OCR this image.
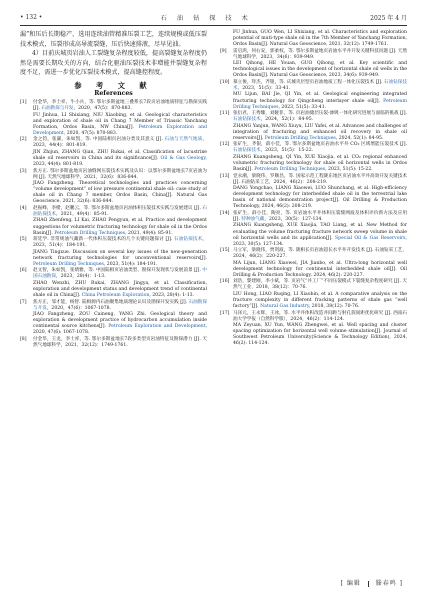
• 132 •	石 油 钻 探 技 术	2025 年 4 月

漏”和压后长期稳产，选用连续油管精准压裂工艺，连续规模或低压裂技术模式，压裂形成高导流裂缝，压后快速排液，尽早见油。

4）目前庆城页岩油人工裂缝复杂程度较低，提高裂缝复杂程度仍然是需要长期攻关的方向，结合化驱油压裂技术非增能井裂缝复杂程度不足，需进一步优化压裂技术模式，提高缝控程度。

参 考 文 献
References
[1]	付金华，李士祥，牛小兵，等. 鄂尔多斯盆地三叠系长7段页岩油地质特征与勘探实践 [J]. 石油勘探与开发，2020，47(5)：870-883.
FU Jinhua, LI Shixiang, NIU Xiaobing, et al. Geological characteristics and exploration of shale oil in Chang 7 Member of Triassic Yanchang Formation, Ordos Basin, NW China[J]. Petroleum Exploration and Development, 2020, 47(5): 870-883.
[2]	金之钧，张谦，朱如凯，等. 中国陆相页岩油分类及其意义 [J]. 石油与天然气地质，2023，44(4)：801-819.
JIN Zhijun, ZHANG Qian, ZHU Rukai, et al. Classification of lacustrine shale oil reservoirs in China and its significance[J]. Oil & Gas Geology, 2023, 44(4): 801-819.
[3]	焦方正. 鄂尔多斯盆地页岩油缝网压裂技术实践及认识：以鄂尔多斯盆地长7页岩油为例 [J]. 天然气地球科学，2021，32(6)：836-844.
JIAO Fangzheng. Theoretical technologies and practices concerning “volume development” of low pressure continental shale oil: case study of shale oil in Chang 7 member, Ordos Basin, China[J]. Natural Gas Geoscience, 2021, 32(6): 836-844.
[4]	赵振峰，李楷，赵鹏云，等. 鄂尔多斯盆地页岩油体积压裂技术实践与发展建议 [J]. 石油钻探技术，2021，49(4)：85-91.
ZHAO Zhenfeng, LI Kai, ZHAO Pengyun, et al. Practice and development suggestions for volumetric fracturing technology for shale oil in the Ordos Basin[J]. Petroleum Drilling Techniques, 2021, 49(4): 85-91.
[5]	蒋廷学. 非常规油气藏新一代体积压裂技术的几个关键问题探讨 [J]. 石油钻探技术，2023，51(4)：184-191.
JIANG Tingxue. Discussion on several key issues of the new-generation network fracturing technologies for unconventional reservoirs[J]. Petroleum Drilling Techniques, 2023, 51(4): 184-191.
[6]	赵文智，朱如凯，张婧雅，等. 中国陆相页岩油类型、勘探开发现状与发展前景 [J]. 中国石油勘探，2023，28(4)：1-13.
ZHAO Wenzhi, ZHU Rukai, ZHANG Jingya, et al. Classification, exploration and development status and development trend of continental shale oil in China[J]. China Petroleum Exploration, 2023, 28(4): 1-13.
[7]	焦方正，邹才能，杨智. 陆相源内石油聚集地质理论认识及勘探开发实践 [J]. 石油勘探与开发，2020，47(6)：1067-1078.
JIAO Fangzheng, ZOU Caineng, YANG Zhi. Geological theory and exploration & development practice of hydrocarbon accumulation inside continental source kitchens[J]. Petroleum Exploration and Development, 2020, 47(6): 1067-1078.
[8]	付金华，王龙，李士祥，等. 鄂尔多斯盆地长7段多类型页岩油特征及勘探潜力 [J]. 天然气地球科学，2021，32(12)：1749-1761.
FU Jinhua, GUO Wen, LI Shixiang, et al. Characteristics and exploration potential of muti-type shale oil in the 7th Member of Yanchang Formation, Ordos Basin[J]. Natural Gas Geoscience, 2021, 32(12): 1749-1761.
[9]	雷启鸿，何右安，郭柔权，等. 鄂尔多斯盆地页岩油水平井开发关键科技问题 [J]. 天然气地球科学，2023，34(6)：939-949.
LEI Qihong, HE Youan, GUO Qihong, et al. Key scientific and technological issues in the development of horizontal shale oil wells in the Ordos Basin[J]. Natural Gas Geoscience, 2023, 34(6): 939-949.
[10] 慕立俊，拜杰，齐银，等. 庆城夹层型页岩油地质工程一体化压裂技术 [J]. 石油钻探技术，2023，51(5)：33-41.
MU Lijun, BAI Jie, QI Yin, et al. Geological engineering integrated fracturing technology for Qingcheng interlayer shale oil[J]. Petroleum Drilling Techniques, 2023, 51(5): 33-41.
[11] 张衍君，王秀臻，刘娅菲，等. 页岩油储层压裂-渗吸一体化研究进展与面临的挑战 [J]. 石油钻探技术，2024，52(1)：84-95.
ZHANG Yanjun, WANG Xiuyu, LIU Yafei, et al. Advances and challenges of integration of fracturing and enhanced oil recovery in shale oil reservoirs[J]. Petroleum Drilling Techniques, 2024, 52(1): 84-95.
[12] 张矿生，齐银，薛小佳，等. 鄂尔多斯盆地页岩油水平井 CO₂ 区域增能压裂技术 [J]. 石油钻探技术，2023，51(5)：15-22.
ZHANG Kuangsheng, QI Yin, XUE Xiaojia, et al. CO₂ regional enhanced volumetric fracturing technology for shale oil horizontal wells in Ordos Basin[J]. Petroleum Drilling Techniques, 2023, 51(5): 15-22.
[13] 党永潮，梁晓伟，罗顺昌，等. 国家示范工程陇东地区页岩油水平井高效开发关键技术 [J]. 石油钻采工艺，2024，46(2)：208-219.
DANG Yongchao, LIANG Xiaowei, LUO Shunchang, et al. High-efficiency development technology for interbedded shale oil in the terrestrial lake basin of national demonstration project[J]. Oil Drilling & Production Technology, 2024, 46(2): 208-219.
[14] 张矿生，薛小佳，陶亮，等. 页岩油水平井体积压裂缝网波及体积评价新方法及应用 [J]. 特种油气藏，2023，30(5)：127-134.
ZHANG Kuangsheng, XUE Xiaojia, TAO Liang, et al. New Method for evaluating the volume fracturing fracture network sweep volume in shale oil horizontal wells and its application[J]. Special Oil & Gas Reservoirs, 2023, 30(5): 127-134.
[15] 马立军，梁晓伟，贾剑波，等. 陇相长页岩油超长水平井开发技术 [J]. 石油钻采工艺，2024，46(2)：220-227.
MA Lijun, LIANG Xiaowei, JIA Jianbo, et al. Ultra-long horizontal well development technology for continental interbedded shale oil[J]. Oil Drilling & Production Technology, 2024, 46(2): 220-227.
[16] 刘浩，黎建刚，李小斌，等. 页岩气“井工厂”不同压裂模式下裂缝复杂程度研究 [J]. 天然气工业，2018，38(12)：70-76.
LIU Hong, LIAO Ruqing, LI Xiaobin, et al. A comparative analysis on the fracture complexity in different fracking patterns of shale gas “well factory”[J]. Natural Gas Industry, 2018, 38(12): 70-76.
[17] 马泽元，王永辉，王冰，等. 水平井体积改造井间距与射孔簇间距优化研究 [J]. 西南石油大学学报（自然科学版），2024，46(2)：114-124.
MA Zeyuan, XU Yun, WANG Zhengwei, et al. Well spacing and cluster spacing optimization for horizontal well volume stimulation[J]. Journal of Southwest Petroleum University(Science & Technology Edition), 2024, 46(2): 114-124.
[ 编辑 滕春鸣 ]
